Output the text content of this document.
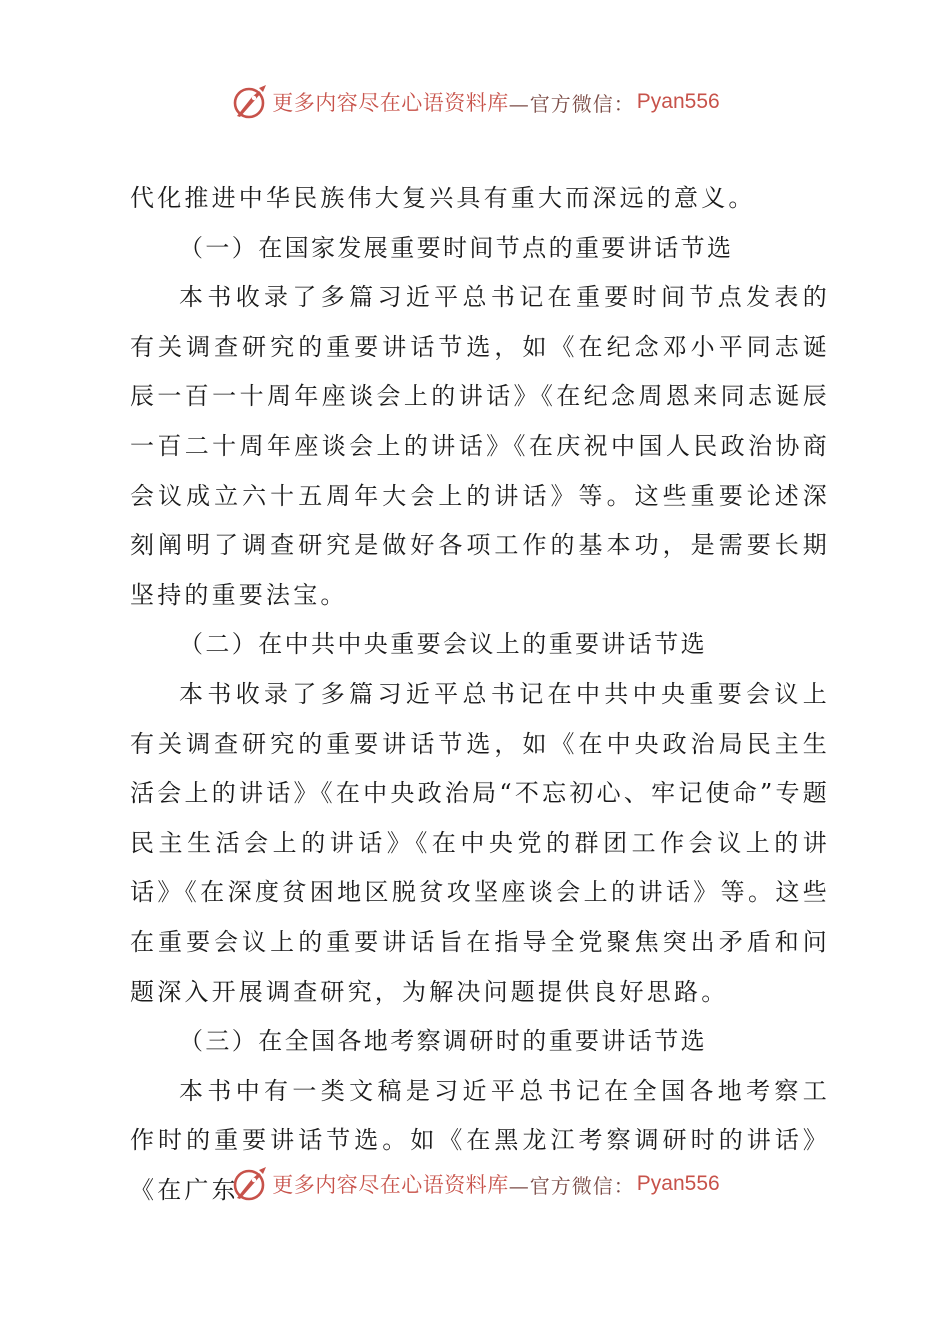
更多内容尽在心语资料库 —官方微信： Pyan556

代化推进中华民族伟大复兴具有重大而深远的意义。

（一）在国家发展重要时间节点的重要讲话节选

本书收录了多篇习近平总书记在重要时间节点发表的有关调查研究的重要讲话节选，如《在纪念邓小平同志诞辰一百一十周年座谈会上的讲话》《在纪念周恩来同志诞辰一百二十周年座谈会上的讲话》《在庆祝中国人民政治协商会议成立六十五周年大会上的讲话》等。这些重要论述深刻阐明了调查研究是做好各项工作的基本功，是需要长期坚持的重要法宝。

（二）在中共中央重要会议上的重要讲话节选

本书收录了多篇习近平总书记在中共中央重要会议上有关调查研究的重要讲话节选，如《在中央政治局民主生活会上的讲话》《在中央政治局“不忘初心、牢记使命”专题民主生活会上的讲话》《在中央党的群团工作会议上的讲话》《在深度贫困地区脱贫攻坚座谈会上的讲话》等。这些在重要会议上的重要讲话旨在指导全党聚焦突出矛盾和问题深入开展调查研究，为解决问题提供良好思路。

（三）在全国各地考察调研时的重要讲话节选

本书中有一类文稿是习近平总书记在全国各地考察工作时的重要讲话节选。如《在黑龙江考察调研时的讲话》《在广东	更多内容尽在心语资料库 —官方微信： Pyan556
